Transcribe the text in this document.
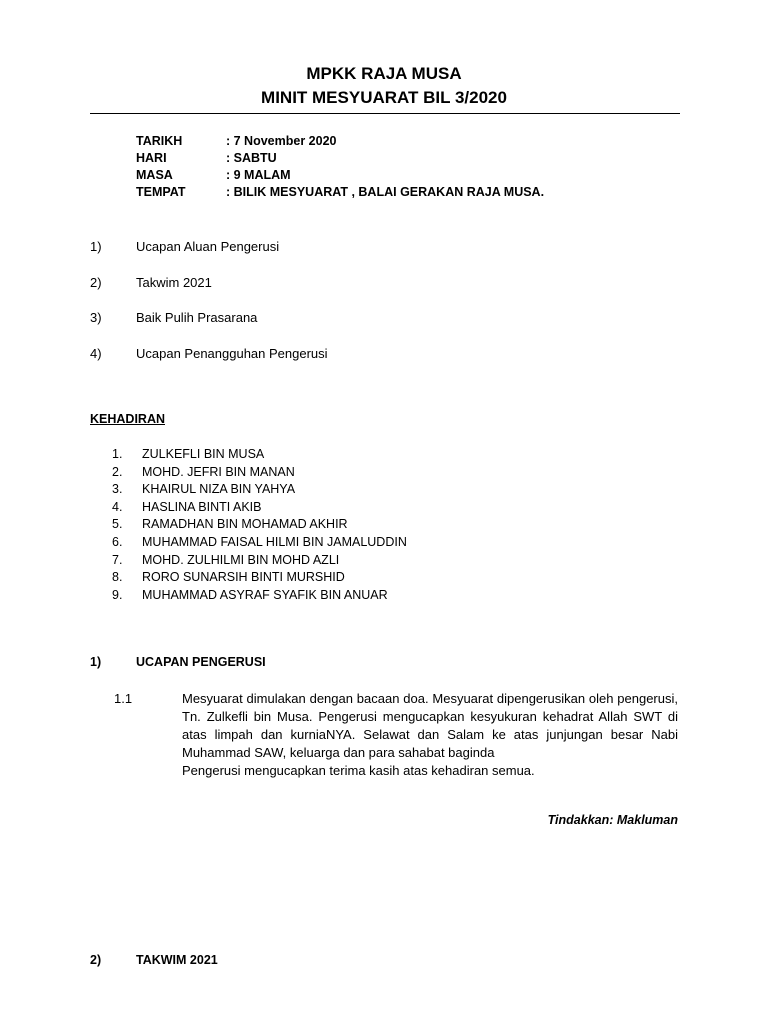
MPKK RAJA MUSA

MINIT MESYUARAT BIL 3/2020

TARIKH	: 7 November 2020
HARI	: SABTU
MASA	: 9 MALAM
TEMPAT	: BILIK MESYUARAT , BALAI GERAKAN RAJA MUSA.
1)	Ucapan Aluan Pengerusi
2)	Takwim 2021
3)	Baik Pulih Prasarana
4)	Ucapan Penangguhan Pengerusi
KEHADIRAN
1.	ZULKEFLI BIN MUSA
2.	MOHD. JEFRI BIN MANAN
3.	KHAIRUL NIZA BIN YAHYA
4.	HASLINA BINTI AKIB
5.	RAMADHAN BIN MOHAMAD AKHIR
6.	MUHAMMAD FAISAL HILMI BIN JAMALUDDIN
7.	MOHD. ZULHILMI BIN MOHD AZLI
8.	RORO SUNARSIH BINTI MURSHID
9.	MUHAMMAD ASYRAF SYAFIK BIN ANUAR
1)	UCAPAN PENGERUSI
1.1	Mesyuarat dimulakan dengan bacaan doa. Mesyuarat dipengerusikan oleh pengerusi, Tn. Zulkefli bin Musa. Pengerusi mengucapkan kesyukuran kehadrat Allah SWT di atas limpah dan kurniaNYA. Selawat dan Salam ke atas junjungan besar Nabi Muhammad SAW, keluarga dan para sahabat baginda

Pengerusi mengucapkan terima kasih atas kehadiran semua.

Tindakkan: Makluman
2)	TAKWIM 2021
